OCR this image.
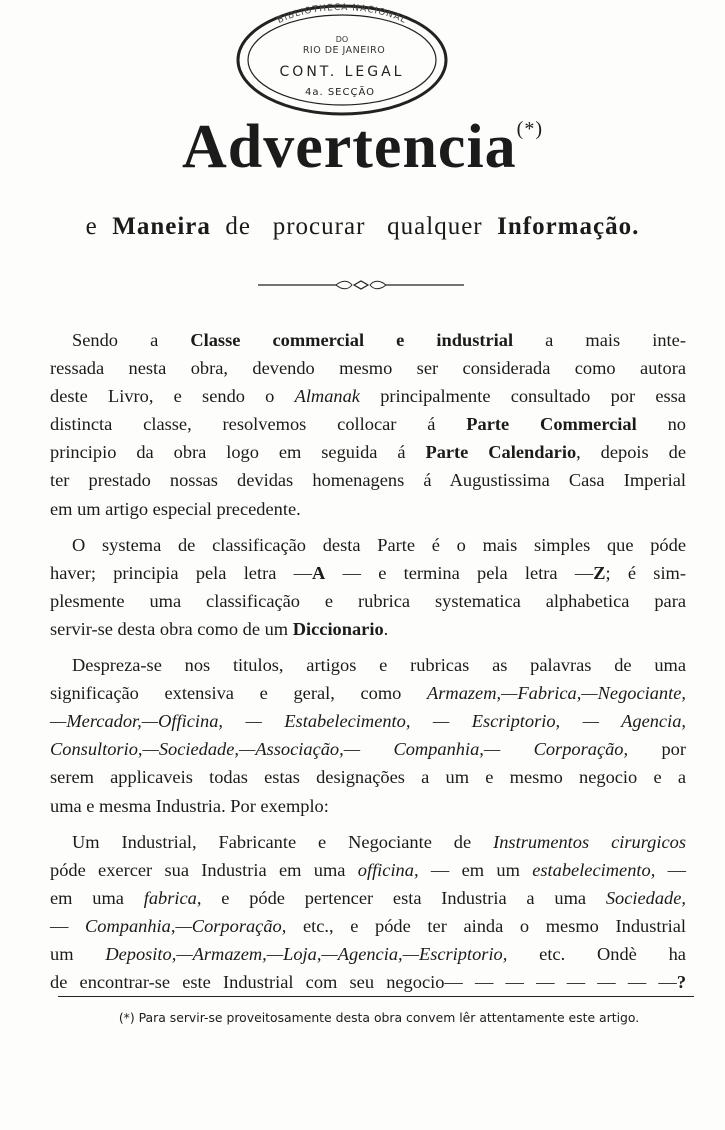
BIBLIOTHECA NACIONAL
DO
RIO DE JANEIRO
CONT. LEGAL
4a. SECÇÃO
Advertencia(*)
e Maneira de procurar qualquer Informação.

Sendo a Classe commercial e industrial a mais inte-

ressada nesta obra, devendo mesmo ser considerada como autora

deste Livro, e sendo o Almanak principalmente consultado por essa

distincta classe, resolvemos collocar á Parte Commercial no

principio da obra logo em seguida á Parte Calendario, depois de

ter prestado nossas devidas homenagens á Augustissima Casa Imperial

em um artigo especial precedente.

O systema de classificação desta Parte é o mais simples que póde

haver; principia pela letra —A — e termina pela letra —Z; é sim-

plesmente uma classificação e rubrica systematica alphabetica para

servir-se desta obra como de um Diccionario.

Despreza-se nos titulos, artigos e rubricas as palavras de uma

significação extensiva e geral, como Armazem,—Fabrica,—Negociante,

—Mercador,—Officina, — Estabelecimento, — Escriptorio, — Agencia,

Consultorio,—Sociedade,—Associação,— Companhia,— Corporação, por

serem applicaveis todas estas designações a um e mesmo negocio e a

uma e mesma Industria. Por exemplo:

Um Industrial, Fabricante e Negociante de Instrumentos cirurgicos

póde exercer sua Industria em uma officina, — em um estabelecimento, —

em uma fabrica, e póde pertencer esta Industria a uma Sociedade,

— Companhia,—Corporação, etc., e póde ter ainda o mesmo Industrial

um Deposito,—Armazem,—Loja,—Agencia,—Escriptorio, etc. Ondè ha

de encontrar-se este Industrial com seu negocio— — — — — — — —?

(*) Para servir-se proveitosamente desta obra convem lêr attentamente este artigo.
